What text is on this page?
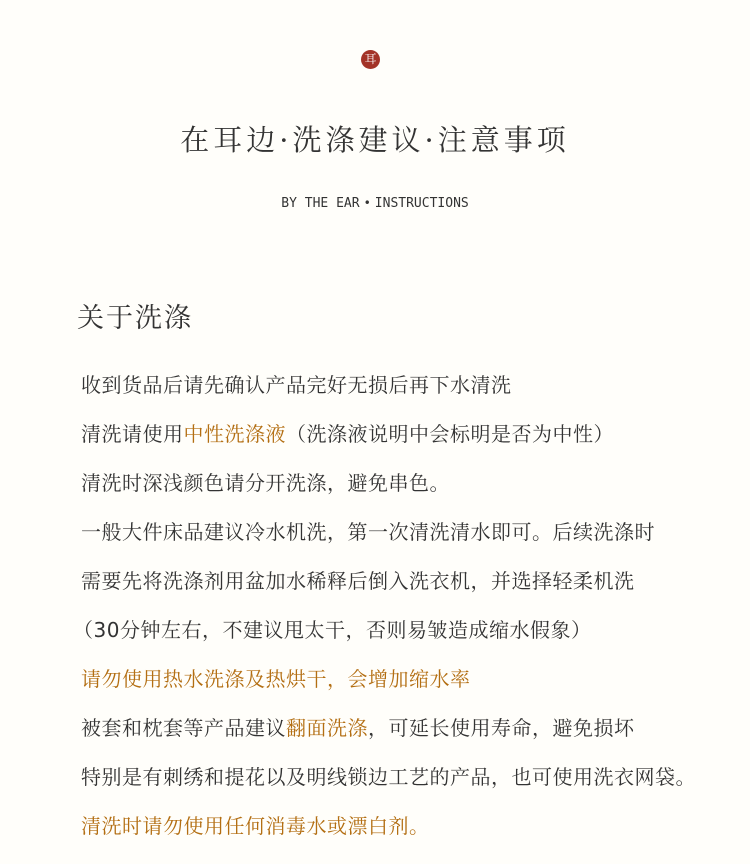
耳
在耳边·洗涤建议·注意事项
BY THE EAR • INSTRUCTIONS
关于洗涤
收到货品后请先确认产品完好无损后再下水清洗
清洗请使用中性洗涤液（洗涤液说明中会标明是否为中性）
清洗时深浅颜色请分开洗涤，避免串色。
一般大件床品建议冷水机洗，第一次清洗清水即可。后续洗涤时
需要先将洗涤剂用盆加水稀释后倒入洗衣机，并选择轻柔机洗
（30分钟左右，不建议甩太干，否则易皱造成缩水假象）
请勿使用热水洗涤及热烘干，会增加缩水率
被套和枕套等产品建议翻面洗涤，可延长使用寿命，避免损坏
特别是有刺绣和提花以及明线锁边工艺的产品，也可使用洗衣网袋。
清洗时请勿使用任何消毒水或漂白剂。
